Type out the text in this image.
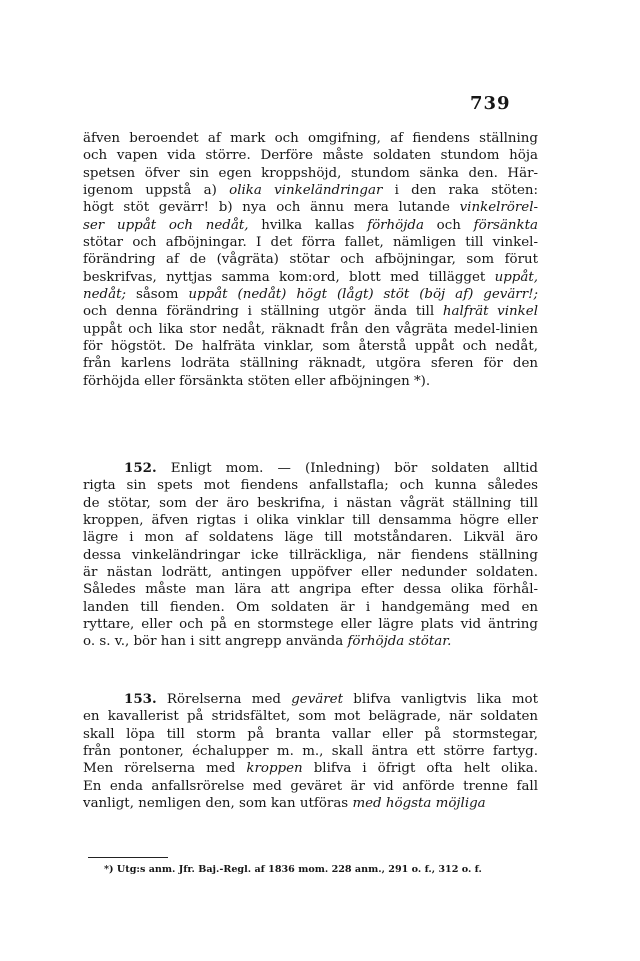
739
äfven beroendet af mark och omgifning, af fiendens ställning
och vapen vida större. Derföre måste soldaten stundom höja
spetsen öfver sin egen kroppshöjd, stundom sänka den. Här-
igenom uppstå a) olika vinkeländringar i den raka stöten:
högt stöt gevärr! b) nya och ännu mera lutande vinkelrörel-
ser uppåt och nedåt, hvilka kallas förhöjda och försänkta
stötar och afböjningar. I det förra fallet, nämligen till vinkel-
förändring af de (vågräta) stötar och afböjningar, som förut
beskrifvas, nyttjas samma kom:ord, blott med tillägget uppåt,
nedåt; såsom uppåt (nedåt) högt (lågt) stöt (böj af) gevärr!;
och denna förändring i ställning utgör ända till halfrät vinkel
uppåt och lika stor nedåt, räknadt från den vågräta medel-linien
för högstöt. De halfräta vinklar, som återstå uppåt och nedåt,
från karlens lodräta ställning räknadt, utgöra sferen för den
förhöjda eller försänkta stöten eller afböjningen *).
152. Enligt mom. — (Inledning) bör soldaten alltid
rigta sin spets mot fiendens anfallstafla; och kunna således
de stötar, som der äro beskrifna, i nästan vågrät ställning till
kroppen, äfven rigtas i olika vinklar till densamma högre eller
lägre i mon af soldatens läge till motståndaren. Likväl äro
dessa vinkeländringar icke tillräckliga, när fiendens ställning
är nästan lodrätt, antingen uppöfver eller nedunder soldaten.
Således måste man lära att angripa efter dessa olika förhål-
landen till fienden. Om soldaten är i handgemäng med en
ryttare, eller och på en stormstege eller lägre plats vid äntring
o. s. v., bör han i sitt angrepp använda förhöjda stötar.
153. Rörelserna med geväret blifva vanligtvis lika mot
en kavallerist på stridsfältet, som mot belägrade, när soldaten
skall löpa till storm på branta vallar eller på stormstegar,
från pontoner, échalupper m. m., skall äntra ett större fartyg.
Men rörelserna med kroppen blifva i öfrigt ofta helt olika.
En enda anfallsrörelse med geväret är vid anförde trenne fall
vanligt, nemligen den, som kan utföras med högsta möjliga
*) Utg:s anm. Jfr. Baj.-Regl. af 1836 mom. 228 anm., 291 o. f., 312 o. f.
